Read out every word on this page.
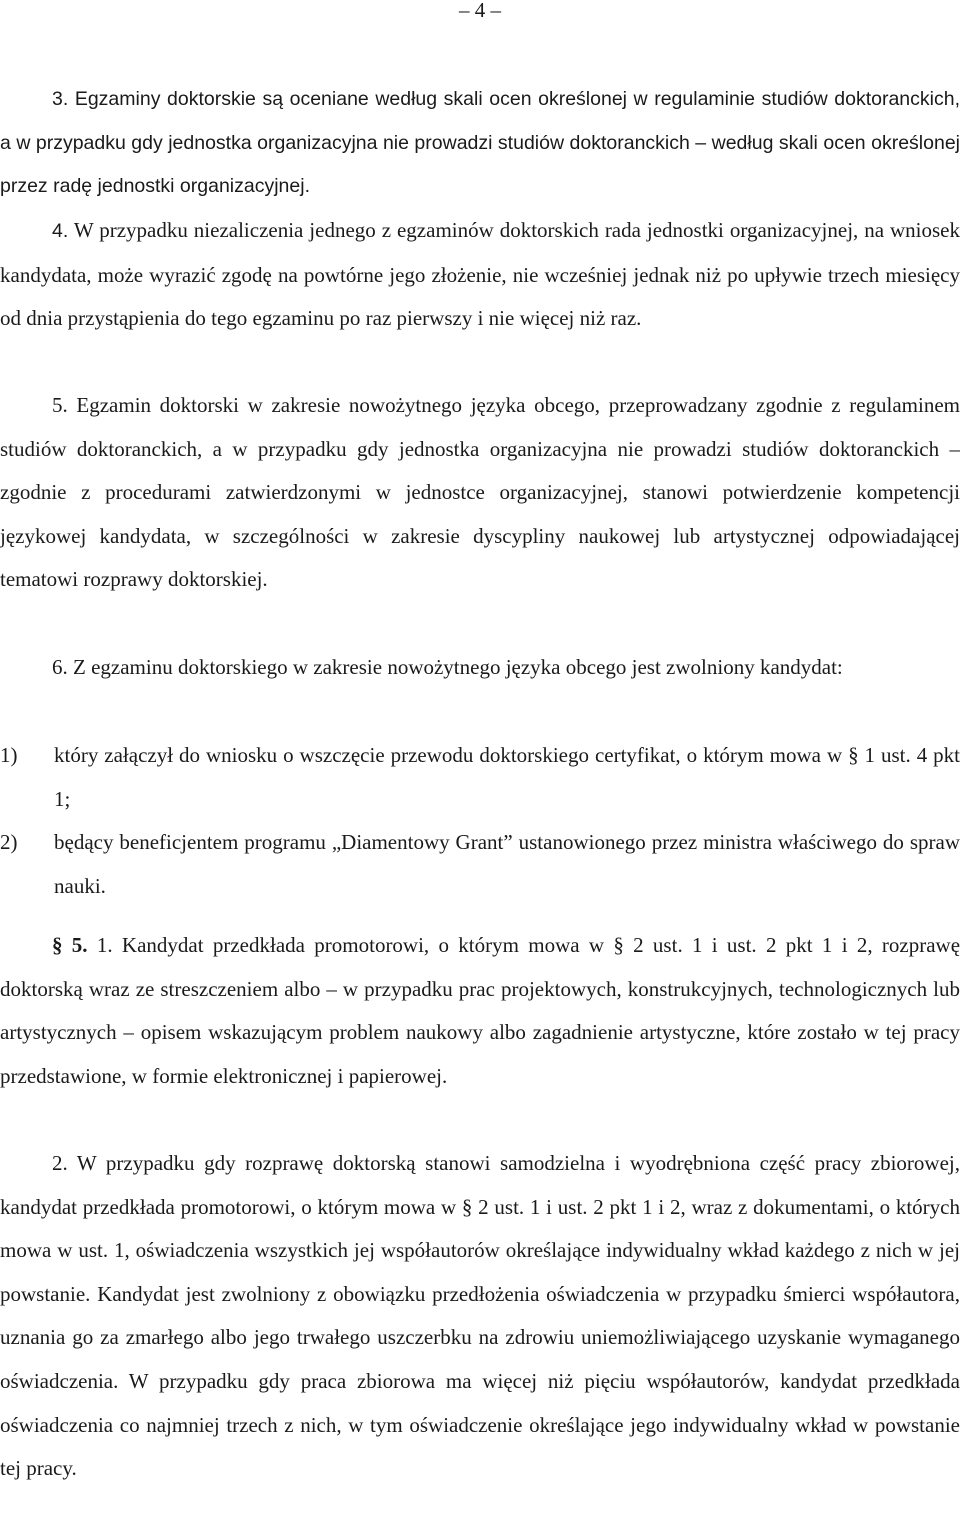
– 4 –

3. Egzaminy doktorskie są oceniane według skali ocen określonej w regulaminie studiów doktoranckich, a w przypadku gdy jednostka organizacyjna nie prowadzi studiów doktoranckich – według skali ocen określonej przez radę jednostki organizacyjnej.

4. W przypadku niezaliczenia jednego z egzaminów doktorskich rada jednostki organizacyjnej, na wniosek kandydata, może wyrazić zgodę na powtórne jego złożenie, nie wcześniej jednak niż po upływie trzech miesięcy od dnia przystąpienia do tego egzaminu po raz pierwszy i nie więcej niż raz.

5. Egzamin doktorski w zakresie nowożytnego języka obcego, przeprowadzany zgodnie z regulaminem studiów doktoranckich, a w przypadku gdy jednostka organizacyjna nie prowadzi studiów doktoranckich – zgodnie z procedurami zatwierdzonymi w jednostce organizacyjnej, stanowi potwierdzenie kompetencji językowej kandydata, w szczególności w zakresie dyscypliny naukowej lub artystycznej odpowiadającej tematowi rozprawy doktorskiej.

6. Z egzaminu doktorskiego w zakresie nowożytnego języka obcego jest zwolniony kandydat:

1)	który załączył do wniosku o wszczęcie przewodu doktorskiego certyfikat, o którym mowa w § 1 ust. 4 pkt 1;

2)	będący beneficjentem programu „Diamentowy Grant” ustanowionego przez ministra właściwego do spraw nauki.

§ 5. 1. Kandydat przedkłada promotorowi, o którym mowa w § 2 ust. 1 i ust. 2 pkt 1 i 2, rozprawę doktorską wraz ze streszczeniem albo – w przypadku prac projektowych, konstrukcyjnych, technologicznych lub artystycznych – opisem wskazującym problem naukowy albo zagadnienie artystyczne, które zostało w tej pracy przedstawione, w formie elektronicznej i papierowej.

2. W przypadku gdy rozprawę doktorską stanowi samodzielna i wyodrębniona część pracy zbiorowej, kandydat przedkłada promotorowi, o którym mowa w § 2 ust. 1 i ust. 2 pkt 1 i 2, wraz z dokumentami, o których mowa w ust. 1, oświadczenia wszystkich jej współautorów określające indywidualny wkład każdego z nich w jej powstanie. Kandydat jest zwolniony z obowiązku przedłożenia oświadczenia w przypadku śmierci współautora, uznania go za zmarłego albo jego trwałego uszczerbku na zdrowiu uniemożliwiającego uzyskanie wymaganego oświadczenia. W przypadku gdy praca zbiorowa ma więcej niż pięciu współautorów, kandydat przedkłada oświadczenia co najmniej trzech z nich, w tym oświadczenie określające jego indywidualny wkład w powstanie tej pracy.
